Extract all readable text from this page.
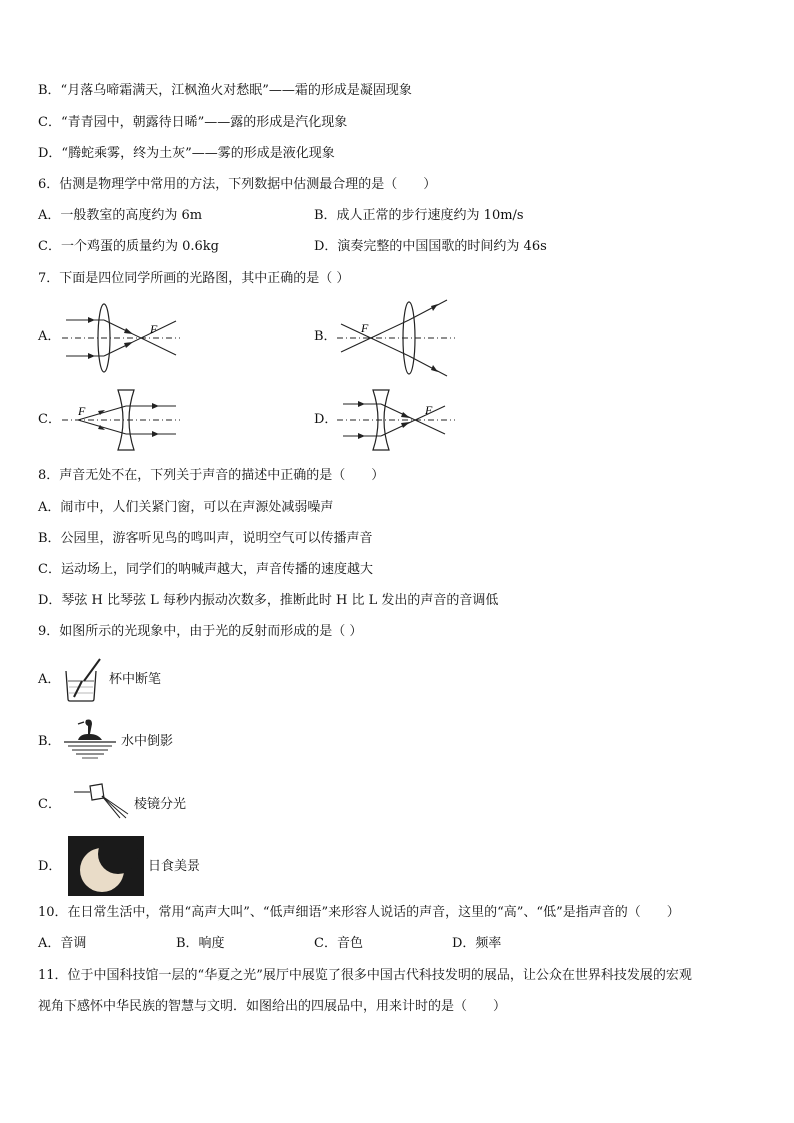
B．“月落乌啼霜满天，江枫渔火对愁眠”——霜的形成是凝固现象
C．“青青园中，朝露待日晞”——露的形成是汽化现象
D．“腾蛇乘雾，终为土灰”——雾的形成是液化现象
6．估测是物理学中常用的方法，下列数据中估测最合理的是（　　）
A．一般教室的高度约为 6m	B．成人正常的步行速度约为 10m/s
C．一个鸡蛋的质量约为 0.6kg	D．演奏完整的中国国歌的时间约为 46s
7．下面是四位同学所画的光路图，其中正确的是（ ）
A．	F	B．
F
C．
F
D．
F
8．声音无处不在，下列关于声音的描述中正确的是（　　）
A．闹市中，人们关紧门窗，可以在声源处减弱噪声
B．公园里，游客听见鸟的鸣叫声，说明空气可以传播声音
C．运动场上，同学们的呐喊声越大，声音传播的速度越大
D．琴弦 H 比琴弦 L 每秒内振动次数多，推断此时 H 比 L 发出的声音的音调低
9．如图所示的光现象中，由于光的反射而形成的是（ ）
A．	杯中断笔
B．	水中倒影
C．	棱镜分光
D．	日食美景
10．在日常生活中，常用“高声大叫”、“低声细语”来形容人说话的声音，这里的“高”、“低”是指声音的（　　）
A．音调	B．响度	C．音色	D．频率
11．位于中国科技馆一层的“华夏之光”展厅中展览了很多中国古代科技发明的展品，让公众在世界科技发展的宏观
视角下感怀中华民族的智慧与文明．如图给出的四展品中，用来计时的是（　　）
